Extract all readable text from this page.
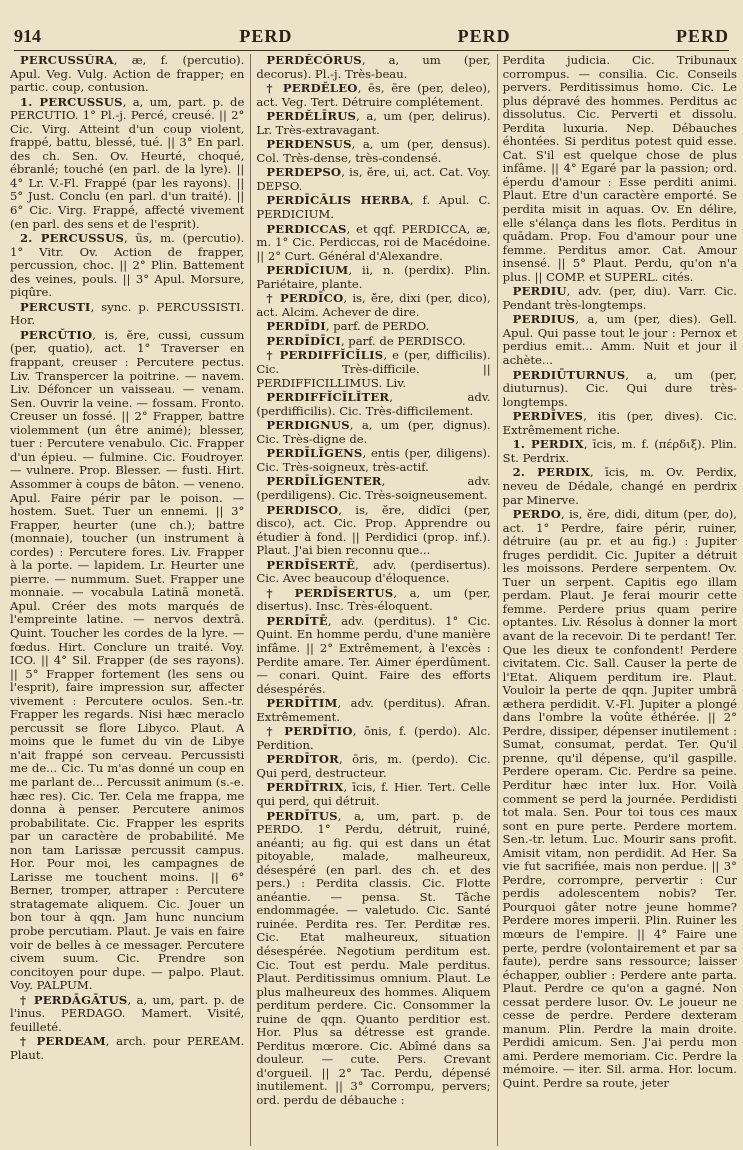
914	PERD	PERD	PERD

PERCUSSŪRA, æ, f. (percutio). Apul. Veg. Vulg. Action de frapper; en partic. coup, contusion.

1. PERCUSSUS, a, um, part. p. de PERCUTIO. 1° Pl.-j. Percé, creusé. || 2° Cic. Virg. Atteint d'un coup violent, frappé, battu, blessé, tué. || 3° En parl. des ch. Sen. Ov. Heurté, choqué, ébranlé; touché (en parl. de la lyre). || 4° Lr. V.-Fl. Frappé (par les rayons). || 5° Just. Conclu (en parl. d'un traité). || 6° Cic. Virg. Frappé, affecté vivement (en parl. des sens et de l'esprit).

2. PERCUSSUS, ūs, m. (percutio). 1° Vitr. Ov. Action de frapper, percussion, choc. || 2° Plin. Battement des veines, pouls. || 3° Apul. Morsure, piqûre.

PERCUSTI, sync. p. PERCUSSISTI. Hor.

PERCŬTIO, is, ĕre, cussi, cussum (per, quatio), act. 1° Traverser en frappant, creuser : Percutere pectus. Liv. Transpercer la poitrine. — navem. Liv. Défoncer un vaisseau. — venam. Sen. Ouvrir la veine. — fossam. Fronto. Creuser un fossé. || 2° Frapper, battre violemment (un être animé); blesser, tuer : Percutere venabulo. Cic. Frapper d'un épieu. — fulmine. Cic. Foudroyer. — vulnere. Prop. Blesser. — fusti. Hirt. Assommer à coups de bâton. — veneno. Apul. Faire périr par le poison. — hostem. Suet. Tuer un ennemi. || 3° Frapper, heurter (une ch.); battre (monnaie), toucher (un instrument à cordes) : Percutere fores. Liv. Frapper à la porte. — lapidem. Lr. Heurter une pierre. — nummum. Suet. Frapper une monnaie. — vocabula Latinā monetā. Apul. Créer des mots marqués de l'empreinte latine. — nervos dextrā. Quint. Toucher les cordes de la lyre. — fœdus. Hirt. Conclure un traité. Voy. ICO. || 4° Sil. Frapper (de ses rayons). || 5° Frapper fortement (les sens ou l'esprit), faire impression sur, affecter vivement : Percutere oculos. Sen.-tr. Frapper les regards. Nisi hæc meraclo percussit se flore Libyco. Plaut. A moins que le fumet du vin de Libye n'ait frappé son cerveau. Percussisti me de... Cic. Tu m'as donné un coup en me parlant de... Percussit animum (s.-e. hæc res). Cic. Ter. Cela me frappa, me donna à penser. Percutere animos probabilitate. Cic. Frapper les esprits par un caractère de probabilité. Me non tam Larissæ percussit campus. Hor. Pour moi, les campagnes de Larisse me touchent moins. || 6° Berner, tromper, attraper : Percutere stratagemate aliquem. Cic. Jouer un bon tour à qqn. Jam hunc nuncium probe percutiam. Plaut. Je vais en faire voir de belles à ce messager. Percutere civem suum. Cic. Prendre son concitoyen pour dupe. — palpo. Plaut. Voy. PALPUM.

† PERDĀGĀTUS, a, um, part. p. de l'inus. PERDAGO. Mamert. Visité, feuilleté.

† PERDEAM, arch. pour PEREAM. Plaut.

PERDĔCŌRUS, a, um (per, decorus). Pl.-j. Très-beau.

† PERDĔLEO, ēs, ēre (per, deleo), act. Veg. Tert. Détruire complétement.

PERDĔLĪRUS, a, um (per, delirus). Lr. Très-extravagant.

PERDENSUS, a, um (per, densus). Col. Très-dense, très-condensé.

PERDEPSO, is, ĕre, ui, act. Cat. Voy. DEPSO.

PERDĪCĀLIS HERBA, f. Apul. C. PERDICIUM.

PERDICCAS, et qqf. PERDICCA, æ, m. 1° Cic. Perdiccas, roi de Macédoine. || 2° Curt. Général d'Alexandre.

PERDĪCIUM, ii, n. (perdix). Plin. Pariétaire, plante.

† PERDĪCO, is, ĕre, dixi (per, dico), act. Alcim. Achever de dire.

PERDĪDI, parf. de PERDO.

PERDĪDĪCI, parf. de PERDISCO.

† PERDIFFĬCĬLIS, e (per, difficilis). Cic. Très-difficile. || PERDIFFICILLIMUS. Liv.

PERDIFFĬCĬLĬTER, adv. (perdifficilis). Cic. Très-difficilement.

PERDIGNUS, a, um (per, dignus). Cic. Très-digne de.

PERDĪLĬGENS, entis (per, diligens). Cic. Très-soigneux, très-actif.

PERDĪLĬGENTER, adv. (perdiligens). Cic. Très-soigneusement.

PERDISCO, is, ĕre, didĭci (per, disco), act. Cic. Prop. Apprendre ou étudier à fond. || Perdidici (prop. inf.). Plaut. J'ai bien reconnu que...

PERDĪSERTĒ, adv. (perdisertus). Cic. Avec beaucoup d'éloquence.

† PERDĪSERTUS, a, um (per, disertus). Insc. Très-éloquent.

PERDĪTĒ, adv. (perditus). 1° Cic. Quint. En homme perdu, d'une manière infâme. || 2° Extrêmement, à l'excès : Perdite amare. Ter. Aimer éperdûment. — conari. Quint. Faire des efforts désespérés.

PERDĪTIM, adv. (perditus). Afran. Extrêmement.

† PERDĪTIO, ōnis, f. (perdo). Alc. Perdition.

PERDĪTOR, ōris, m. (perdo). Cic. Qui perd, destructeur.

PERDĪTRIX, īcis, f. Hier. Tert. Celle qui perd, qui détruit.

PERDĪTUS, a, um, part. p. de PERDO. 1° Perdu, détruit, ruiné, anéanti; au fig. qui est dans un état pitoyable, malade, malheureux, désespéré (en parl. des ch. et des pers.) : Perdita classis. Cic. Flotte anéantie. — pensa. St. Tâche endommagée. — valetudo. Cic. Santé ruinée. Perdita res. Ter. Perditæ res. Cic. Etat malheureux, situation désespérée. Negotium perditum est. Cic. Tout est perdu. Male perditus. Plaut. Perditissimus omnium. Plaut. Le plus malheureux des hommes. Aliquem perditum perdere. Cic. Consommer la ruine de qqn. Quanto perditior est. Hor. Plus sa détresse est grande. Perditus mœrore. Cic. Abîmé dans sa douleur. — cute. Pers. Crevant d'orgueil. || 2° Tac. Perdu, dépensé inutilement. || 3° Corrompu, pervers; ord. perdu de débauche :

Perdita judicia. Cic. Tribunaux corrompus. — consilia. Cic. Conseils pervers. Perditissimus homo. Cic. Le plus dépravé des hommes. Perditus ac dissolutus. Cic. Perverti et dissolu. Perdita luxuria. Nep. Débauches éhontées. Si perditus potest quid esse. Cat. S'il est quelque chose de plus infâme. || 4° Egaré par la passion; ord. éperdu d'amour : Esse perditi animi. Plaut. Etre d'un caractère emporté. Se perdita misit in aquas. Ov. En délire, elle s'élança dans les flots. Perditus in quādam. Prop. Fou d'amour pour une femme. Perditus amor. Cat. Amour insensé. || 5° Plaut. Perdu, qu'on n'a plus. || COMP. et SUPERL. cités.

PERDIU, adv. (per, diu). Varr. Cic. Pendant très-longtemps.

PERDIUS, a, um (per, dies). Gell. Apul. Qui passe tout le jour : Pernox et perdius emit... Amm. Nuit et jour il achète...

PERDIŪTURNUS, a, um (per, diuturnus). Cic. Qui dure très-longtemps.

PERDĪVES, itis (per, dives). Cic. Extrêmement riche.

1. PERDIX, īcis, m. f. (πέρδιξ). Plin. St. Perdrix.

2. PERDIX, īcis, m. Ov. Perdix, neveu de Dédale, changé en perdrix par Minerve.

PERDO, is, ĕre, didi, ditum (per, do), act. 1° Perdre, faire périr, ruiner, détruire (au pr. et au fig.) : Jupiter fruges perdidit. Cic. Jupiter a détruit les moissons. Perdere serpentem. Ov. Tuer un serpent. Capitis ego illam perdam. Plaut. Je ferai mourir cette femme. Perdere prius quam perire optantes. Liv. Résolus à donner la mort avant de la recevoir. Di te perdant! Ter. Que les dieux te confondent! Perdere civitatem. Cic. Sall. Causer la perte de l'Etat. Aliquem perditum ire. Plaut. Vouloir la perte de qqn. Jupiter umbrā æthera perdidit. V.-Fl. Jupiter a plongé dans l'ombre la voûte éthérée. || 2° Perdre, dissiper, dépenser inutilement : Sumat, consumat, perdat. Ter. Qu'il prenne, qu'il dépense, qu'il gaspille. Perdere operam. Cic. Perdre sa peine. Perditur hæc inter lux. Hor. Voilà comment se perd la journée. Perdidisti tot mala. Sen. Pour toi tous ces maux sont en pure perte. Perdere mortem. Sen.-tr. letum. Luc. Mourir sans profit. Amisit vitam, non perdidit. Ad Her. Sa vie fut sacrifiée, mais non perdue. || 3° Perdre, corrompre, pervertir : Cur perdis adolescentem nobis? Ter. Pourquoi gâter notre jeune homme? Perdere mores imperii. Plin. Ruiner les mœurs de l'empire. || 4° Faire une perte, perdre (volontairement et par sa faute), perdre sans ressource; laisser échapper, oublier : Perdere ante parta. Plaut. Perdre ce qu'on a gagné. Non cessat perdere lusor. Ov. Le joueur ne cesse de perdre. Perdere dexteram manum. Plin. Perdre la main droite. Perdidi amicum. Sen. J'ai perdu mon ami. Perdere memoriam. Cic. Perdre la mémoire. — iter. Sil. arma. Hor. locum. Quint. Perdre sa route, jeter
